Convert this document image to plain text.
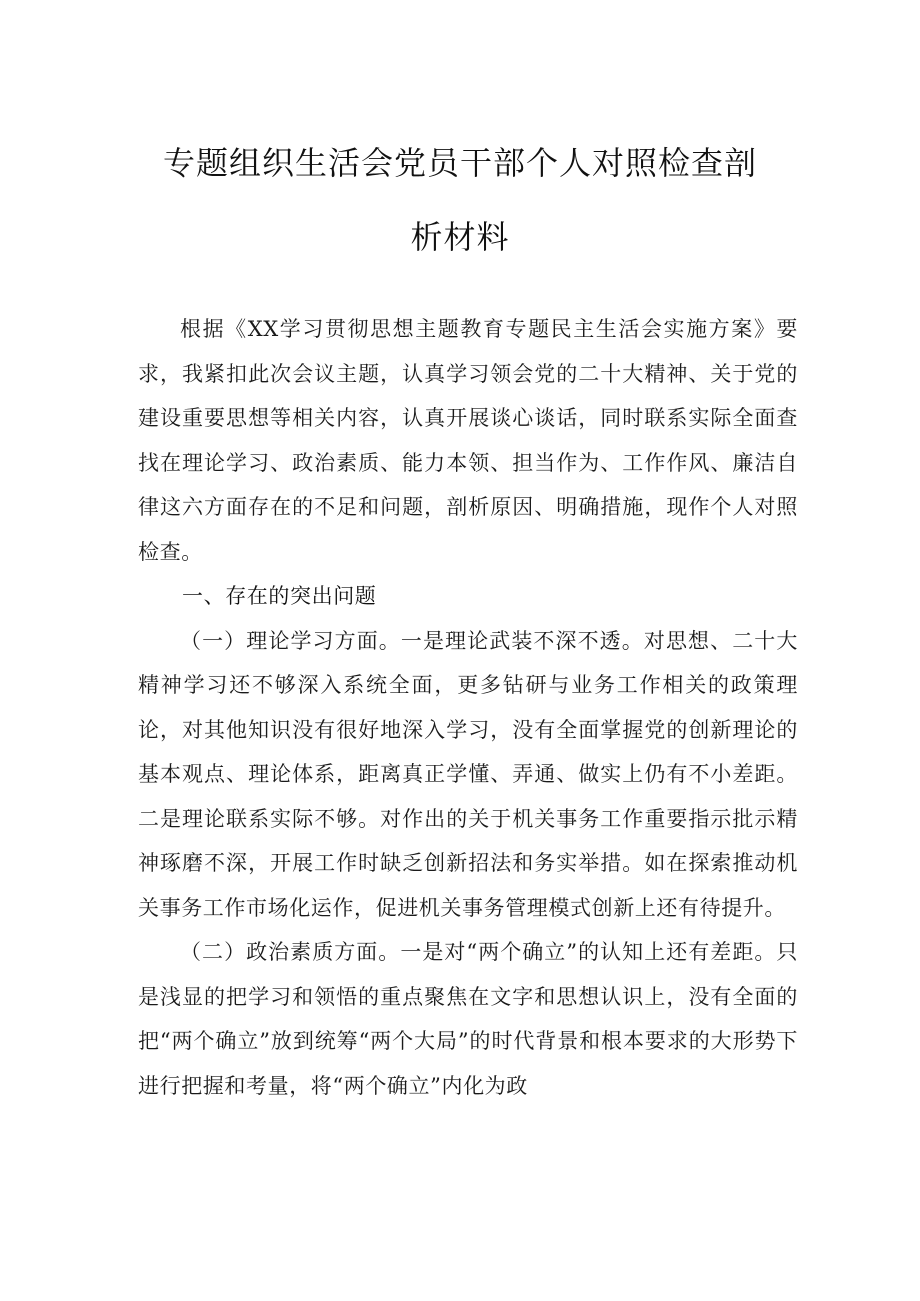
专题组织生活会党员干部个人对照检查剖
析材料

根据《XX学习贯彻思想主题教育专题民主生活会实施方案》要求，我紧扣此次会议主题，认真学习领会党的二十大精神、关于党的建设重要思想等相关内容，认真开展谈心谈话，同时联系实际全面查找在理论学习、政治素质、能力本领、担当作为、工作作风、廉洁自律这六方面存在的不足和问题，剖析原因、明确措施，现作个人对照检查。

一、存在的突出问题

（一）理论学习方面。一是理论武装不深不透。对思想、二十大精神学习还不够深入系统全面，更多钻研与业务工作相关的政策理论，对其他知识没有很好地深入学习，没有全面掌握党的创新理论的基本观点、理论体系，距离真正学懂、弄通、做实上仍有不小差距。二是理论联系实际不够。对作出的关于机关事务工作重要指示批示精神琢磨不深，开展工作时缺乏创新招法和务实举措。如在探索推动机关事务工作市场化运作，促进机关事务管理模式创新上还有待提升。

（二）政治素质方面。一是对“两个确立”的认知上还有差距。只是浅显的把学习和领悟的重点聚焦在文字和思想认识上，没有全面的把“两个确立”放到统筹“两个大局”的时代背景和根本要求的大形势下进行把握和考量，将“两个确立”内化为政
